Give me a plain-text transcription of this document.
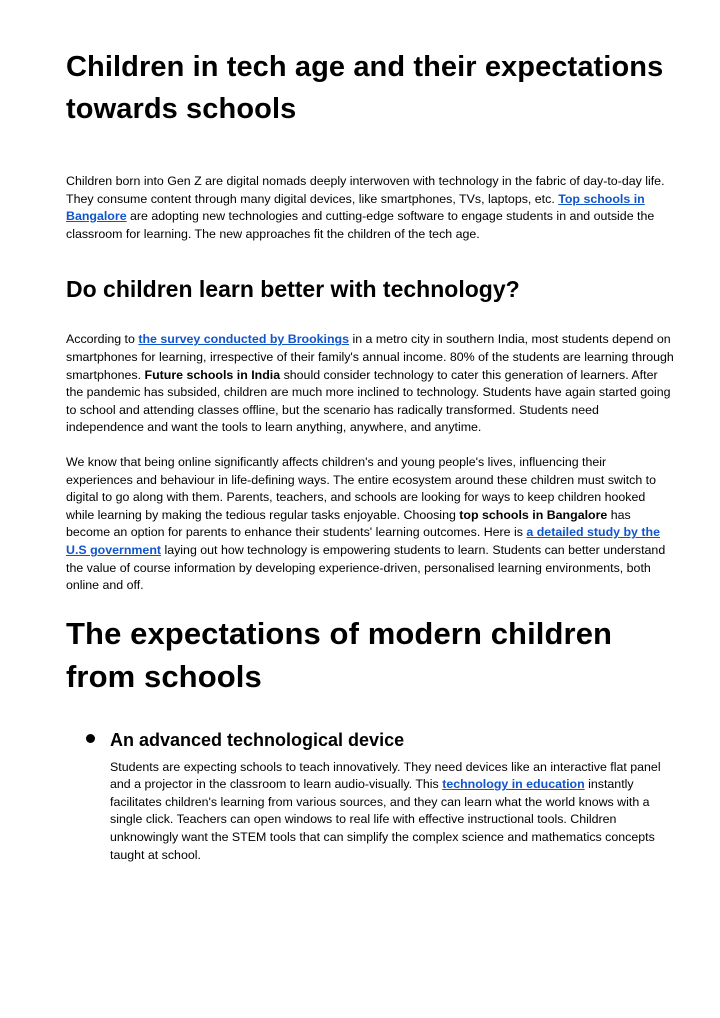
Children in tech age and their expectations towards schools

Children born into Gen Z are digital nomads deeply interwoven with technology in the fabric of day-to-day life. They consume content through many digital devices, like smartphones, TVs, laptops, etc. Top schools in Bangalore are adopting new technologies and cutting-edge software to engage students in and outside the classroom for learning. The new approaches fit the children of the tech age.

Do children learn better with technology?

According to the survey conducted by Brookings in a metro city in southern India, most students depend on smartphones for learning, irrespective of their family's annual income. 80% of the students are learning through smartphones. Future schools in India should consider technology to cater this generation of learners. After the pandemic has subsided, children are much more inclined to technology. Students have again started going to school and attending classes offline, but the scenario has radically transformed. Students need independence and want the tools to learn anything, anywhere, and anytime.

We know that being online significantly affects children's and young people's lives, influencing their experiences and behaviour in life-defining ways. The entire ecosystem around these children must switch to digital to go along with them. Parents, teachers, and schools are looking for ways to keep children hooked while learning by making the tedious regular tasks enjoyable. Choosing top schools in Bangalore has become an option for parents to enhance their students' learning outcomes. Here is a detailed study by the U.S government laying out how technology is empowering students to learn. Students can better understand the value of course information by developing experience-driven, personalised learning environments, both online and off.

The expectations of modern children from schools
An advanced technological device

Students are expecting schools to teach innovatively. They need devices like an interactive flat panel and a projector in the classroom to learn audio-visually. This technology in education instantly facilitates children's learning from various sources, and they can learn what the world knows with a single click. Teachers can open windows to real life with effective instructional tools. Children unknowingly want the STEM tools that can simplify the complex science and mathematics concepts taught at school.
